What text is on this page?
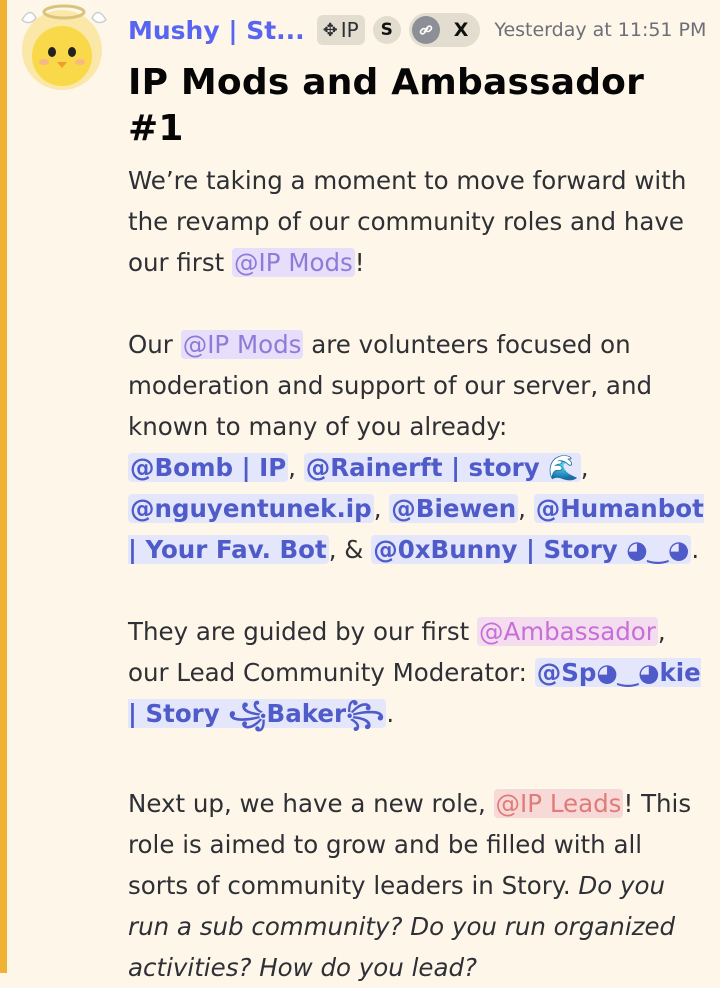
Mushy | St... ✥ IP	S	X Yesterday at 11:51 PM
IP Mods and Ambassador #1

We’re taking a moment to move forward with the revamp of our community roles and have our first @IP Mods!

Our @IP Mods are volunteers focused on moderation and support of our server, and known to many of you already:
@Bomb | IP, @Rainerft | story 🌊,
@nguyentunek.ip, @Biewen, @Humanbot | Your Fav. Bot, & @0xBunny | Story ◕‿◕.

They are guided by our first @Ambassador, our Lead Community Moderator: @Sp◕‿◕kie | Story ꧁Baker꧂.

Next up, we have a new role, @IP Leads! This role is aimed to grow and be filled with all sorts of community leaders in Story. Do you run a sub community? Do you run organized activities? How do you lead?
